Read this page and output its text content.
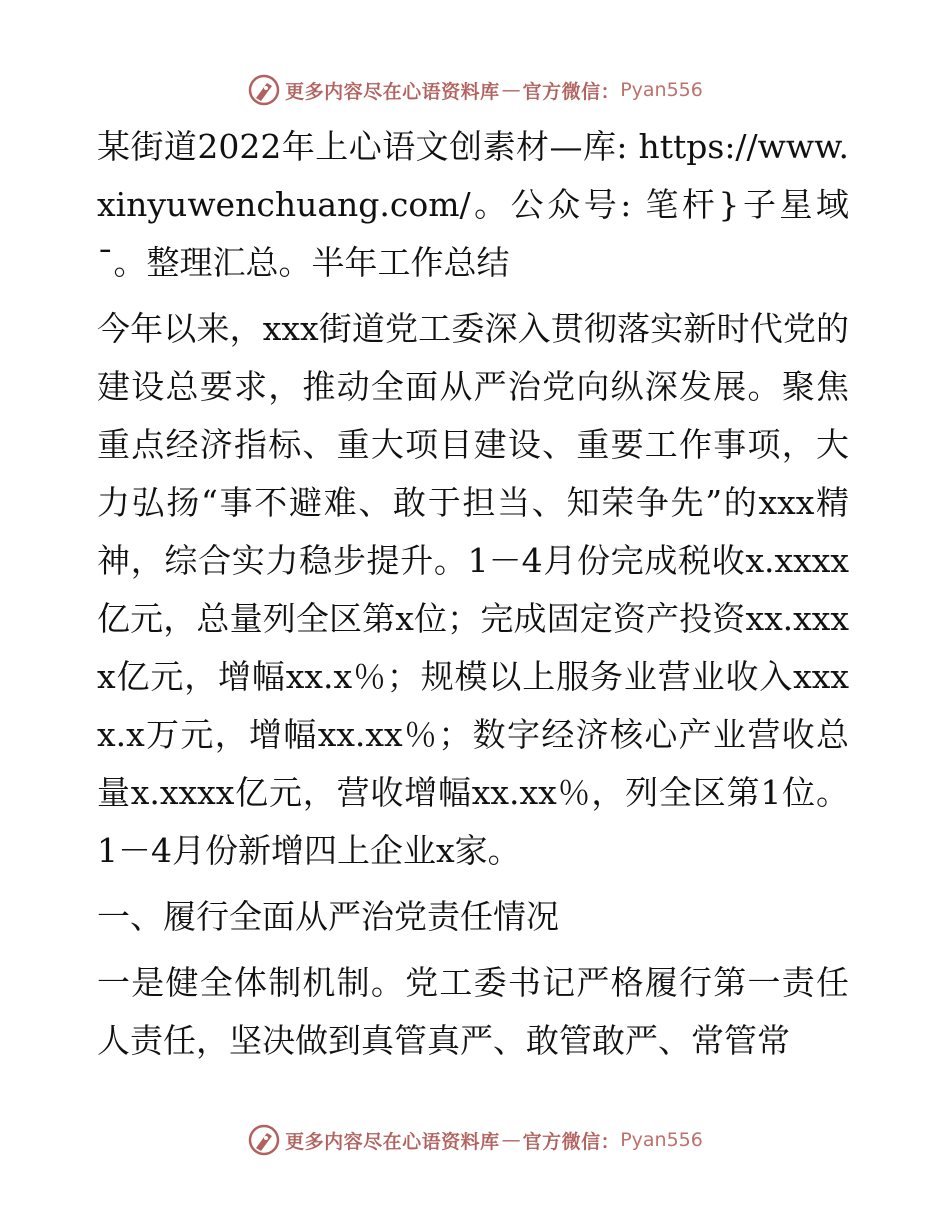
更多内容尽在心语资料库 — 官方微信： Pyan556

某街道2022年上心语文创素材—库: https://www.xinyuwenchuang.com/。公众号: 笔杆}子星域¯。整理汇总。半年工作总结

今年以来，xxx街道党工委深入贯彻落实新时代党的建设总要求，推动全面从严治党向纵深发展。聚焦重点经济指标、重大项目建设、重要工作事项，大力弘扬“事不避难、敢于担当、知荣争先”的xxx精神，综合实力稳步提升。1－4月份完成税收x.xxxx亿元，总量列全区第x位；完成固定资产投资xx.xxxx亿元，增幅xx.x％；规模以上服务业营业收入xxxx.x万元，增幅xx.xx％；数字经济核心产业营收总量x.xxxx亿元，营收增幅xx.xx％，列全区第1位。1－4月份新增四上企业x家。

一、履行全面从严治党责任情况

一是健全体制机制。党工委书记严格履行第一责任人责任，坚决做到真管真严、敢管敢严、常管常

更多内容尽在心语资料库 — 官方微信： Pyan556
